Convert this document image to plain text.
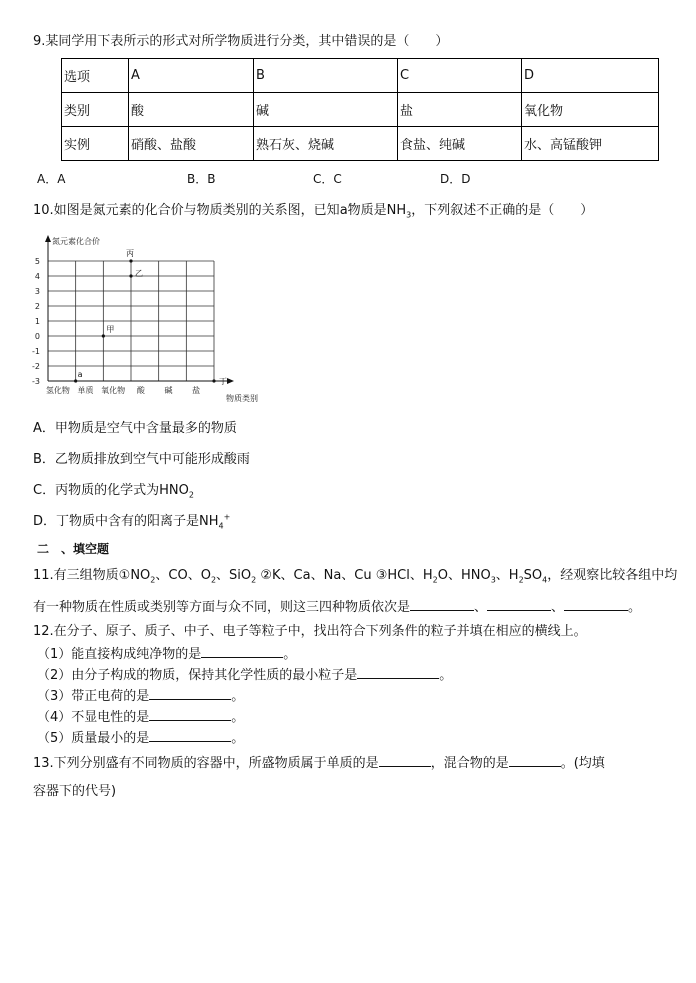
9.某同学用下表所示的形式对所学物质进行分类，其中错误的是（　　）
选项	A	B	C	D
类别	酸	碱	盐	氧化物
实例	硝酸、盐酸	熟石灰、烧碱	食盐、纯碱	水、高锰酸钾
A．A	B．B	C．C	D．D
10.如图是氮元素的化合价与物质类别的关系图，已知a物质是$NH_3$，下列叙述不正确的是（　　）
5
4
3
2
1
0
-1
-2
-3
氢化物 单质 氧化物 酸 碱 盐
a
甲
乙
丙
丁
氮元素化合价
物质类别
A．甲物质是空气中含量最多的物质
B．乙物质排放到空气中可能形成酸雨
C．丙物质的化学式为$HNO_2$
D．丁物质中含有的阳离子是$NH_4^+$
二　、填空题
11.有三组物质$①NO_2$、CO、$O_2$、SiO$_2$ ②K、Ca、Na、Cu ③HCl、$H_2O$、$HNO_3$、$H_2SO_4$，经观察比较各组中均
有一种物质在性质或类别等方面与众不同，则这三四种物质依次是	、	、	。
12.在分子、原子、质子、中子、电子等粒子中，找出符合下列条件的粒子并填在相应的横线上。
（1）能直接构成纯净物的是	。
（2）由分子构成的物质，保持其化学性质的最小粒子是	。
（3）带正电荷的是	。
（4）不显电性的是	。
（5）质量最小的是	。
13.下列分别盛有不同物质的容器中，所盛物质属于单质的是	，混合物的是	。(均填
容器下的代号)
